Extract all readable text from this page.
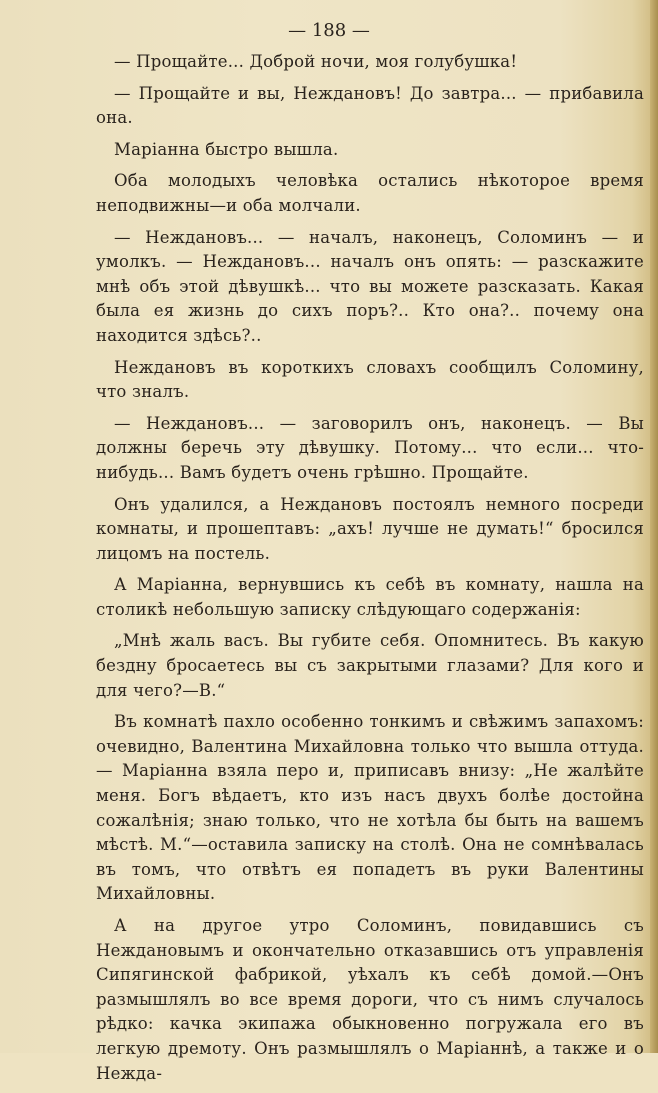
— 188 —

— Прощайте... Доброй ночи, моя голубушка!

— Прощайте и вы, Неждановъ! До завтра... — прибавила она.

Маріанна быстро вышла.

Оба молодыхъ человѣка остались нѣкоторое время неподвижны—и оба молчали.

— Неждановъ... — началъ, наконецъ, Соломинъ — и умолкъ. — Неждановъ... началъ онъ опять: — разскажите мнѣ объ этой дѣвушкѣ... что вы можете разсказать. Какая была ея жизнь до сихъ поръ?.. Кто она?.. почему она находится здѣсь?..

Неждановъ въ короткихъ словахъ сообщилъ Соломину, что зналъ.

— Неждановъ... — заговорилъ онъ, наконецъ. — Вы должны беречь эту дѣвушку. Потому... что если... что-нибудь... Вамъ будетъ очень грѣшно. Прощайте.

Онъ удалился, а Неждановъ постоялъ немного посреди комнаты, и прошептавъ: „ахъ! лучше не думать!“ бросился лицомъ на постель.

А Маріанна, вернувшись къ себѣ въ комнату, нашла на столикѣ небольшую записку слѣдующаго содержанія:

„Мнѣ жаль васъ. Вы губите себя. Опомнитесь. Въ какую бездну бросаетесь вы съ закрытыми глазами? Для кого и для чего?—В.“

Въ комнатѣ пахло особенно тонкимъ и свѣжимъ запахомъ: очевидно, Валентина Михайловна только что вышла оттуда. — Маріанна взяла перо и, приписавъ внизу: „Не жалѣйте меня. Богъ вѣдаетъ, кто изъ насъ двухъ болѣе достойна сожалѣнія; знаю только, что не хотѣла бы быть на вашемъ мѣстѣ. М.“—оставила записку на столѣ. Она не сомнѣвалась въ томъ, что отвѣтъ ея попадетъ въ руки Валентины Михайловны.

А на другое утро Соломинъ, повидавшись съ Неждановымъ и окончательно отказавшись отъ управленія Сипягинской фабрикой, уѣхалъ къ себѣ домой.—Онъ размышлялъ во все время дороги, что съ нимъ случалось рѣдко: качка экипажа обыкновенно погружала его въ легкую дремоту. Онъ размышлялъ о Маріаннѣ, а также и о Нежда-
